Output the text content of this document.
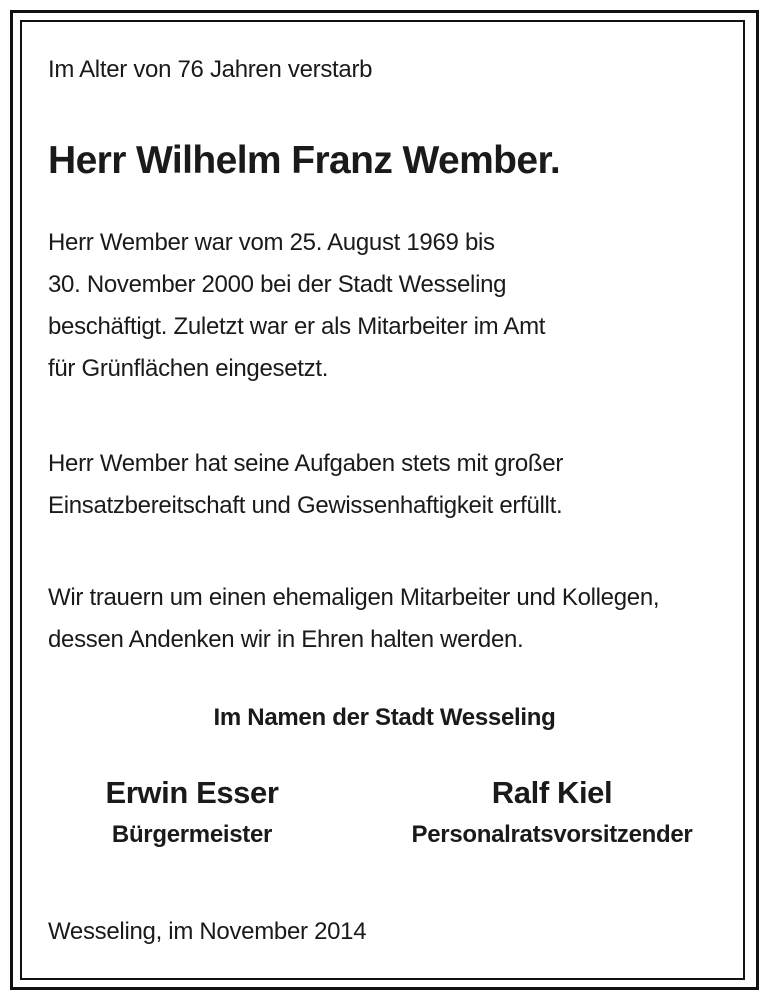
Im Alter von 76 Jahren verstarb
Herr Wilhelm Franz Wember.

Herr Wember war vom 25. August 1969 bis
30. November 2000 bei der Stadt Wesseling
beschäftigt. Zuletzt war er als Mitarbeiter im Amt
für Grünflächen eingesetzt.

Herr Wember hat seine Aufgaben stets mit großer
Einsatzbereitschaft und Gewissenhaftigkeit erfüllt.

Wir trauern um einen ehemaligen Mitarbeiter und Kollegen,
dessen Andenken wir in Ehren halten werden.

Im Namen der Stadt Wesseling
Erwin Esser
Bürgermeister
Ralf Kiel
Personalratsvorsitzender
Wesseling, im November 2014
